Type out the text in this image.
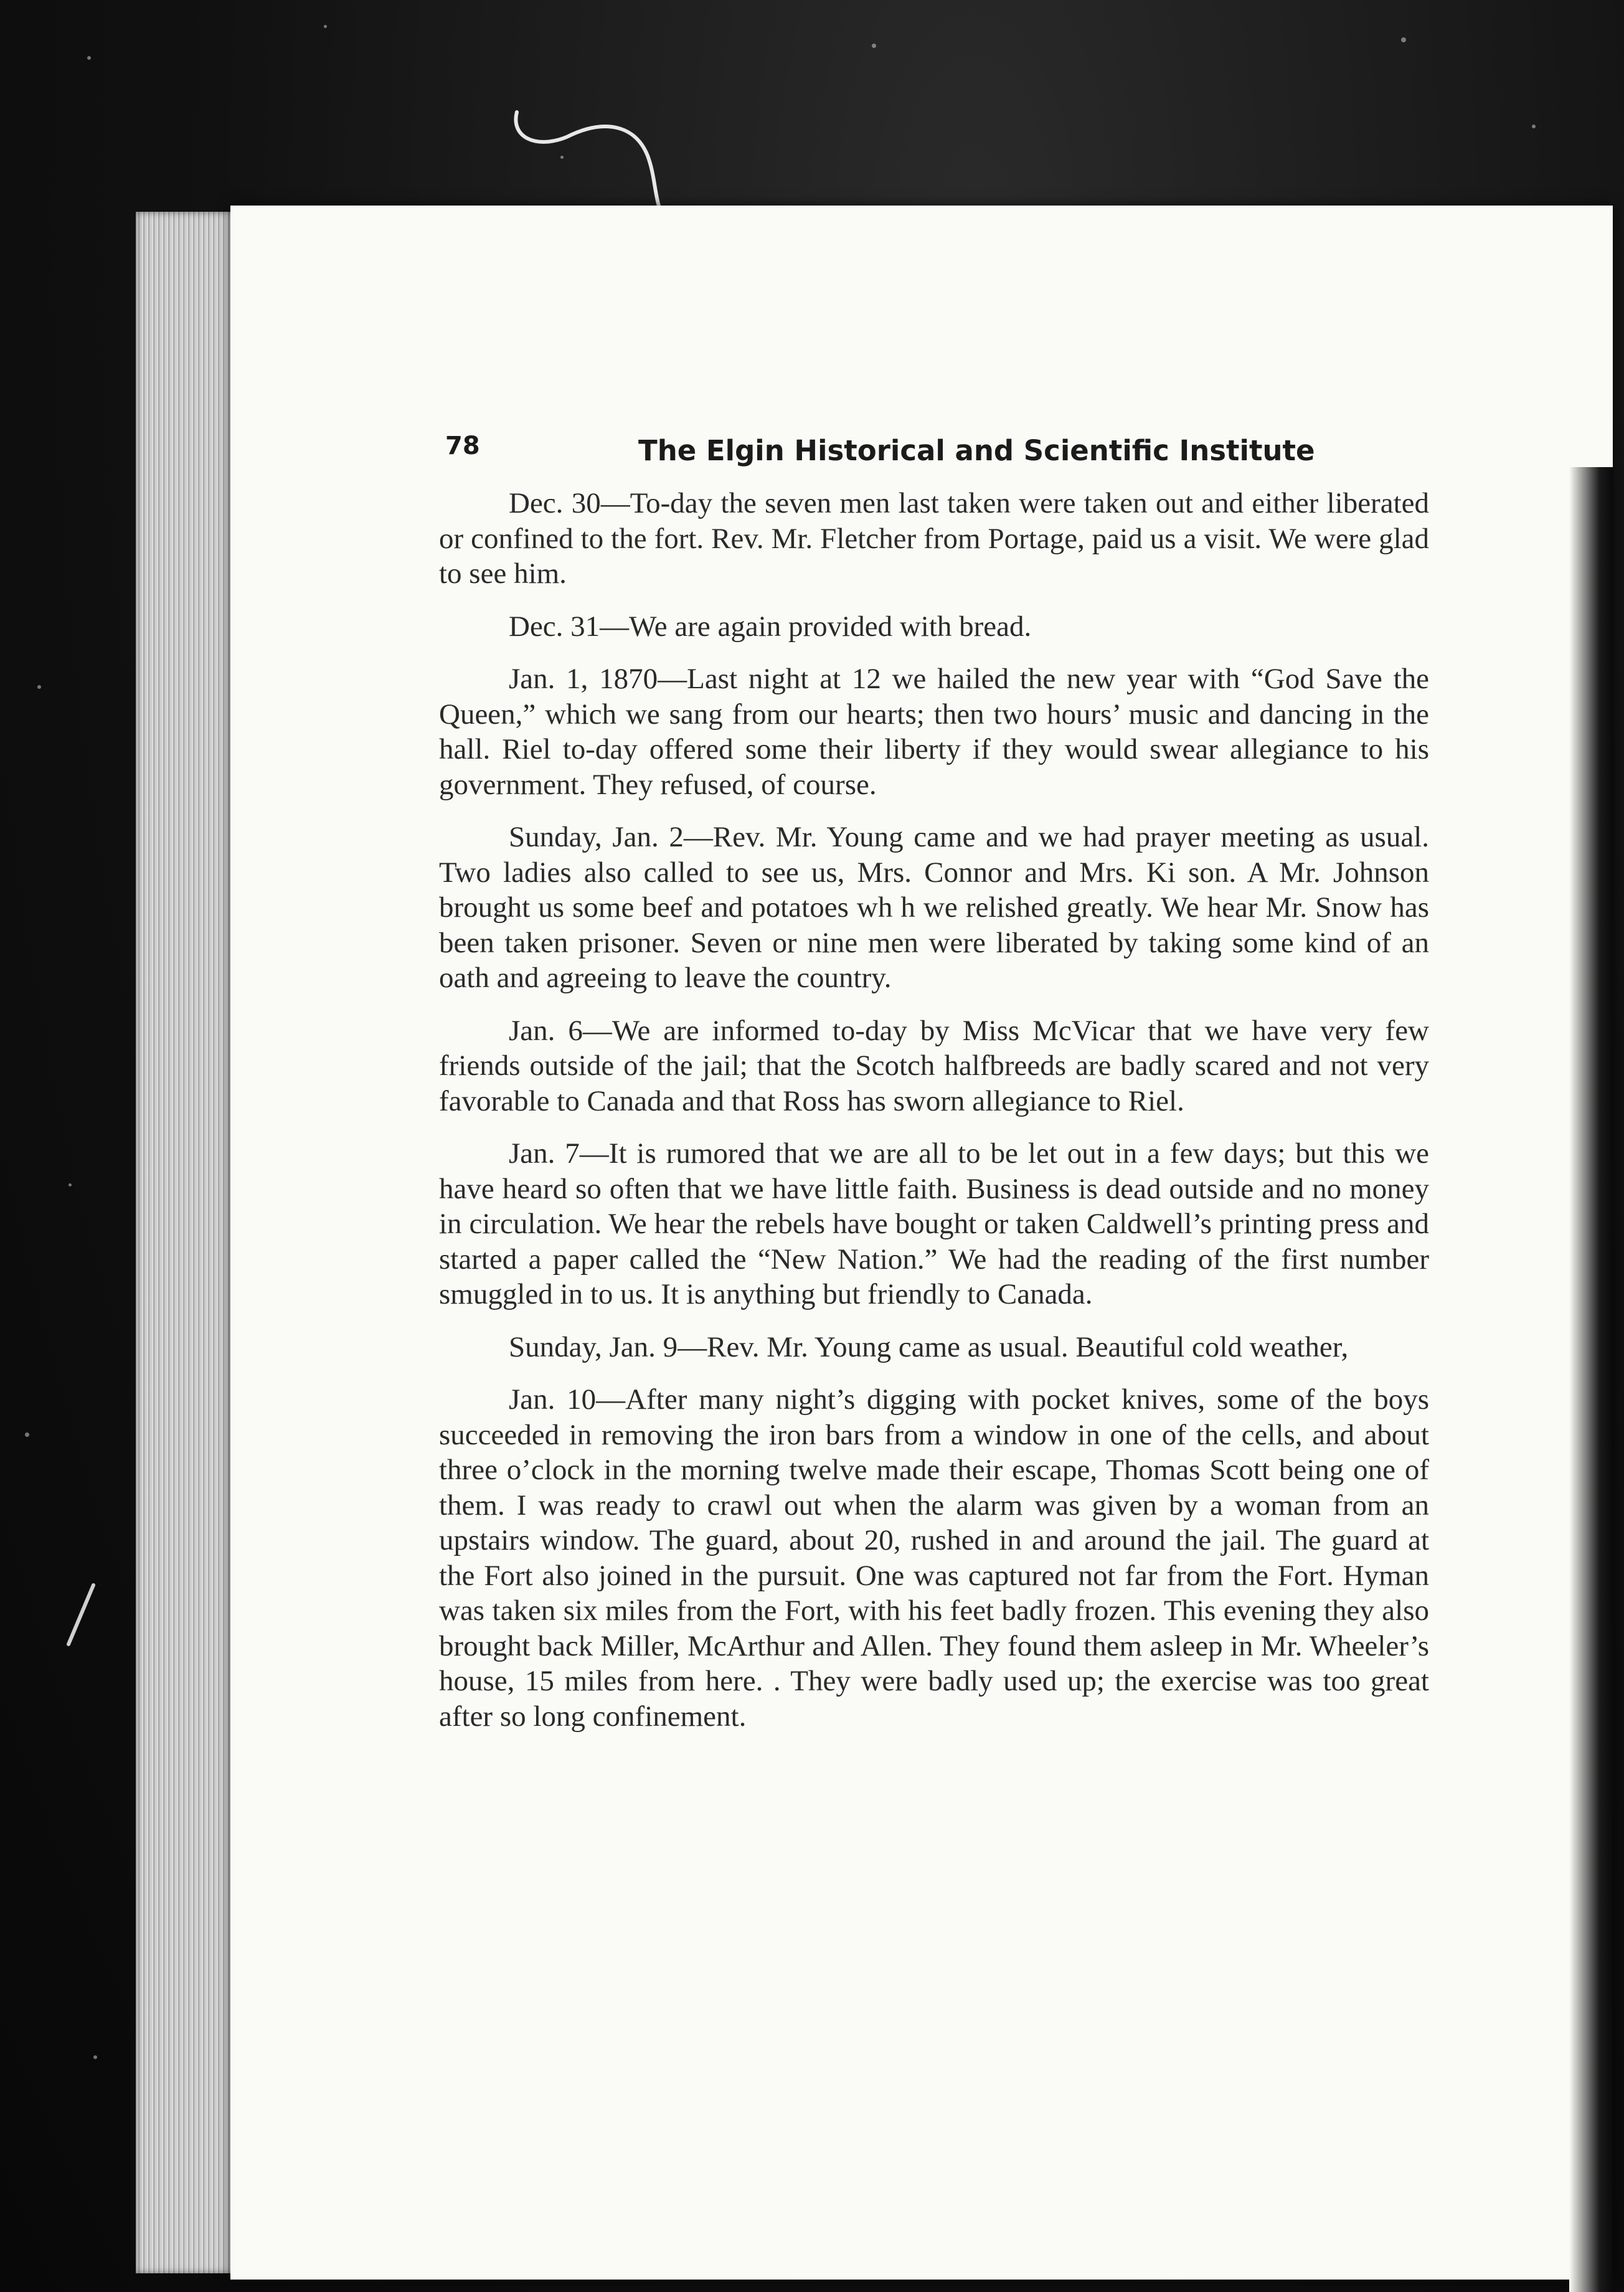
78	The Elgin Historical and Scientific Institute

Dec. 30—To-day the seven men last taken were taken out and either liberated or confined to the fort. Rev. Mr. Fletcher from Portage, paid us a visit. We were glad to see him.

Dec. 31—We are again provided with bread.

Jan. 1, 1870—Last night at 12 we hailed the new year with “God Save the Queen,” which we sang from our hearts; then two hours’ music and dancing in the hall. Riel to-day offered some their liberty if they would swear allegiance to his government. They refused, of course.

Sunday, Jan. 2—Rev. Mr. Young came and we had prayer meeting as usual. Two ladies also called to see us, Mrs. Connor and Mrs. Ki son. A Mr. Johnson brought us some beef and potatoes wh h we relished greatly. We hear Mr. Snow has been taken prisoner. Seven or nine men were liberated by taking some kind of an oath and agreeing to leave the country.

Jan. 6—We are informed to-day by Miss McVicar that we have very few friends outside of the jail; that the Scotch halfbreeds are badly scared and not very favorable to Canada and that Ross has sworn allegiance to Riel.

Jan. 7—It is rumored that we are all to be let out in a few days; but this we have heard so often that we have little faith. Business is dead outside and no money in circulation. We hear the rebels have bought or taken Caldwell’s printing press and started a paper called the “New Nation.” We had the reading of the first number smuggled in to us. It is anything but friendly to Canada.

Sunday, Jan. 9—Rev. Mr. Young came as usual. Beautiful cold weather,

Jan. 10—After many night’s digging with pocket knives, some of the boys succeeded in removing the iron bars from a window in one of the cells, and about three o’clock in the morning twelve made their escape, Thomas Scott being one of them. I was ready to crawl out when the alarm was given by a woman from an upstairs window. The guard, about 20, rushed in and around the jail. The guard at the Fort also joined in the pursuit. One was captured not far from the Fort. Hyman was taken six miles from the Fort, with his feet badly frozen. This evening they also brought back Miller, McArthur and Allen. They found them asleep in Mr. Wheeler’s house, 15 miles from here. . They were badly used up; the exercise was too great after so long confinement.
